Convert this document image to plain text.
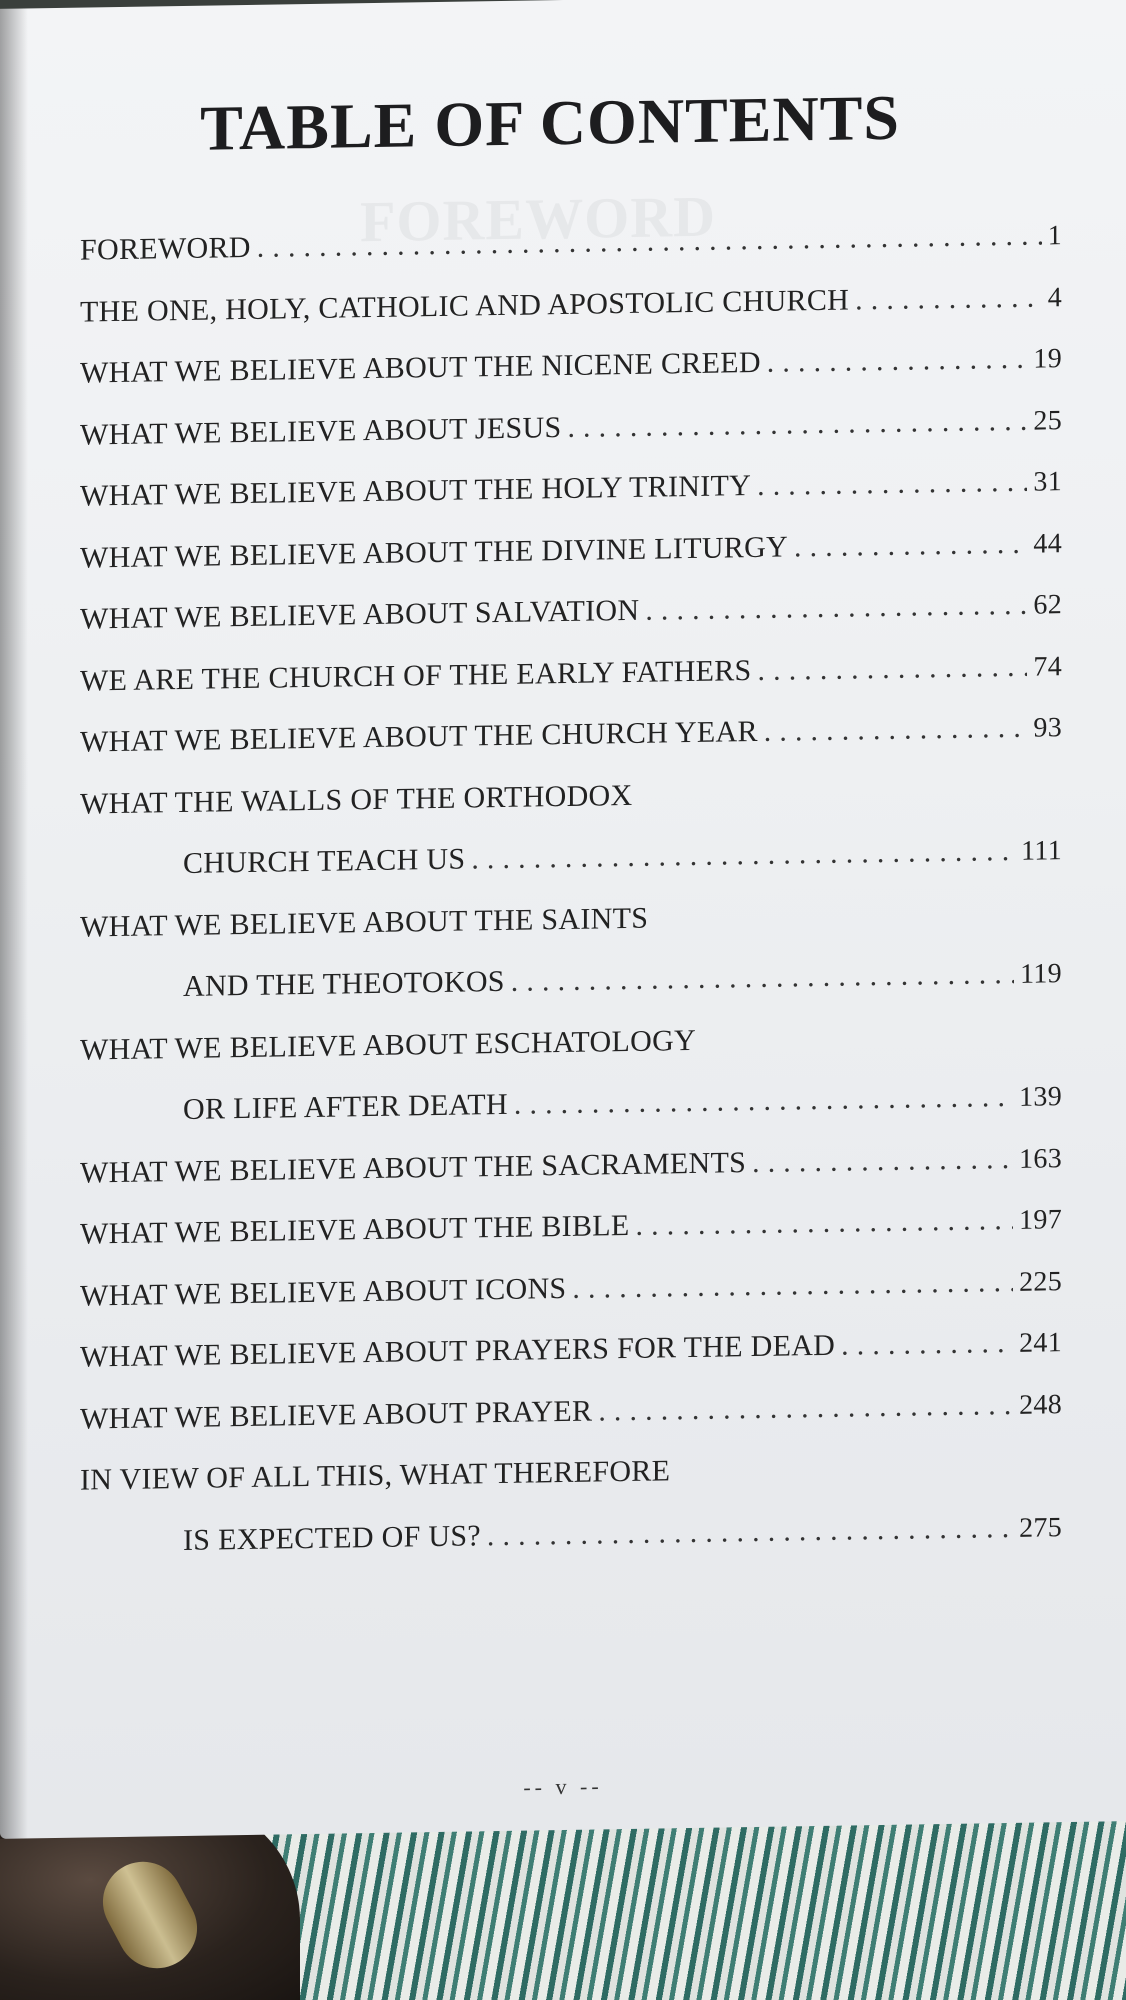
FOREWORD
TABLE OF CONTENTS
FOREWORD . . .	1
THE ONE, HOLY, CATHOLIC AND APOSTOLIC CHURCH . . .	4
WHAT WE BELIEVE ABOUT THE NICENE CREED . . .	19
WHAT WE BELIEVE ABOUT JESUS . . .	25
WHAT WE BELIEVE ABOUT THE HOLY TRINITY . . .	31
WHAT WE BELIEVE ABOUT THE DIVINE LITURGY . . .	44
WHAT WE BELIEVE ABOUT SALVATION . . .	62
WE ARE THE CHURCH OF THE EARLY FATHERS . . .	74
WHAT WE BELIEVE ABOUT THE CHURCH YEAR . . .	93
WHAT THE WALLS OF THE ORTHODOX
CHURCH TEACH US . . .	111
WHAT WE BELIEVE ABOUT THE SAINTS
AND THE THEOTOKOS . . .	119
WHAT WE BELIEVE ABOUT ESCHATOLOGY
OR LIFE AFTER DEATH . . .	139
WHAT WE BELIEVE ABOUT THE SACRAMENTS . . .	163
WHAT WE BELIEVE ABOUT THE BIBLE . . .	197
WHAT WE BELIEVE ABOUT ICONS . . .	225
WHAT WE BELIEVE ABOUT PRAYERS FOR THE DEAD . . .	241
WHAT WE BELIEVE ABOUT PRAYER . . .	248
IN VIEW OF ALL THIS, WHAT THEREFORE
IS EXPECTED OF US? . . .	275
-- v --
